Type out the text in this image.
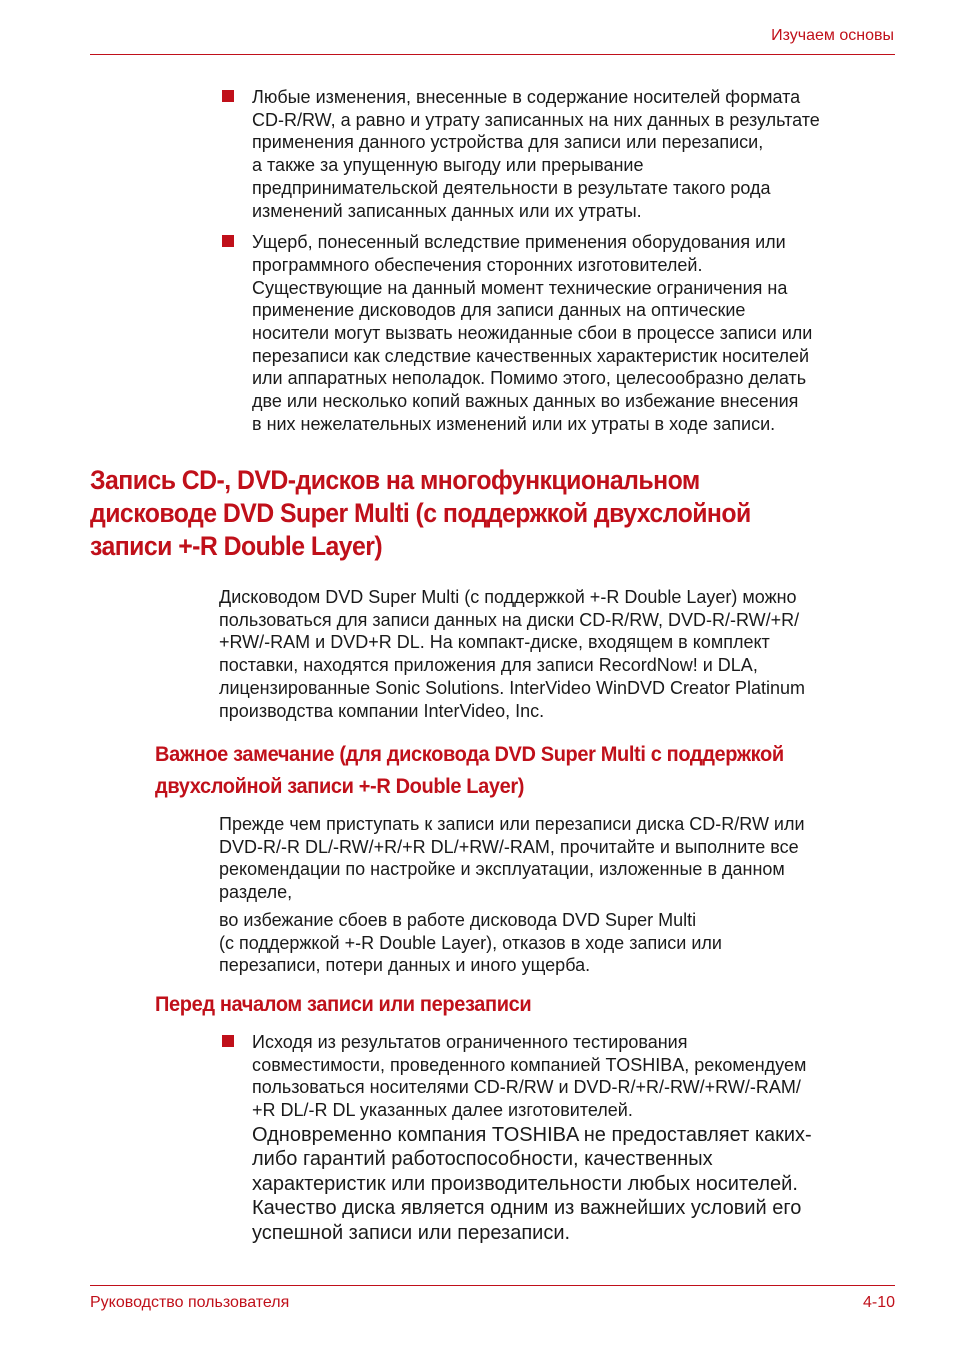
Изучаем основы
Любые изменения, внесенные в содержание носителей формата
CD-R/RW, а равно и утрату записанных на них данных в результате
применения данного устройства для записи или перезаписи,
а также за упущенную выгоду или прерывание
предпринимательской деятельности в результате такого рода
изменений записанных данных или их утраты.
Ущерб, понесенный вследствие применения оборудования или
программного обеспечения сторонних изготовителей.
Существующие на данный момент технические ограничения на
применение дисководов для записи данных на оптические
носители могут вызвать неожиданные сбои в процессе записи или
перезаписи как следствие качественных характеристик носителей
или аппаратных неполадок. Помимо этого, целесообразно делать
две или несколько копий важных данных во избежание внесения
в них нежелательных изменений или их утраты в ходе записи.
Запись CD-, DVD-дисков на многофункциональном
дисководе DVD Super Multi (с поддержкой двухслойной
записи +-R Double Layer)

Дисководом DVD Super Multi (с поддержкой +-R Double Layer) можно
пользоваться для записи данных на диски CD-R/RW, DVD-R/-RW/+R/
+RW/-RAM и DVD+R DL. На компакт-диске, входящем в комплект
поставки, находятся приложения для записи RecordNow! и DLA,
лицензированные Sonic Solutions. InterVideo WinDVD Creator Platinum
производства компании InterVideo, Inc.

Важное замечание (для дисковода DVD Super Multi с поддержкой
двухслойной записи +-R Double Layer)

Прежде чем приступать к записи или перезаписи диска CD-R/RW или
DVD-R/-R DL/-RW/+R/+R DL/+RW/-RAM, прочитайте и выполните все
рекомендации по настройке и эксплуатации, изложенные в данном
разделе,

во избежание сбоев в работе дисковода DVD Super Multi
(с поддержкой +-R Double Layer), отказов в ходе записи или
перезаписи, потери данных и иного ущерба.

Перед началом записи или перезаписи
Исходя из результатов ограниченного тестирования
совместимости, проведенного компанией TOSHIBA, рекомендуем
пользоваться носителями CD-R/RW и DVD-R/+R/-RW/+RW/-RAM/
+R DL/-R DL указанных далее изготовителей.
Одновременно компания TOSHIBA не предоставляет каких-
либо гарантий работоспособности, качественных
характеристик или производительности любых носителей.
Качество диска является одним из важнейших условий его
успешной записи или перезаписи.
Руководство пользователя	4-10
